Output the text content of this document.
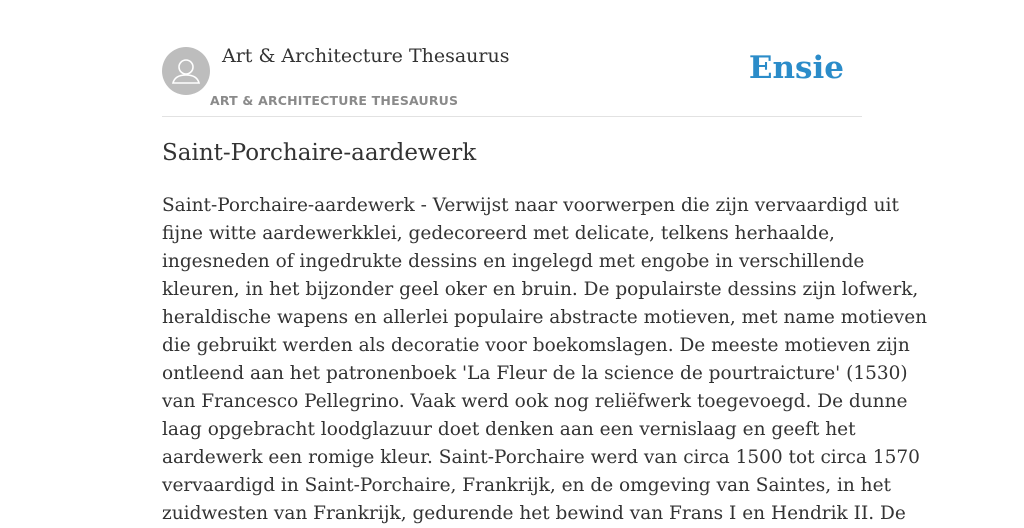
Art & Architecture Thesaurus
ART & ARCHITECTURE THESAURUS
Ensie
Saint-Porchaire-aardewerk
Saint-Porchaire-aardewerk - Verwijst naar voorwerpen die zijn vervaardigd uit
fijne witte aardewerkklei, gedecoreerd met delicate, telkens herhaalde,
ingesneden of ingedrukte dessins en ingelegd met engobe in verschillende
kleuren, in het bijzonder geel oker en bruin. De populairste dessins zijn lofwerk,
heraldische wapens en allerlei populaire abstracte motieven, met name motieven
die gebruikt werden als decoratie voor boekomslagen. De meeste motieven zijn
ontleend aan het patronenboek 'La Fleur de la science de pourtraicture' (1530)
van Francesco Pellegrino. Vaak werd ook nog reliëfwerk toegevoegd. De dunne
laag opgebracht loodglazuur doet denken aan een vernislaag en geeft het
aardewerk een romige kleur. Saint-Porchaire werd van circa 1500 tot circa 1570
vervaardigd in Saint-Porchaire, Frankrijk, en de omgeving van Saintes, in het
zuidwesten van Frankrijk, gedurende het bewind van Frans I en Hendrik II. De
